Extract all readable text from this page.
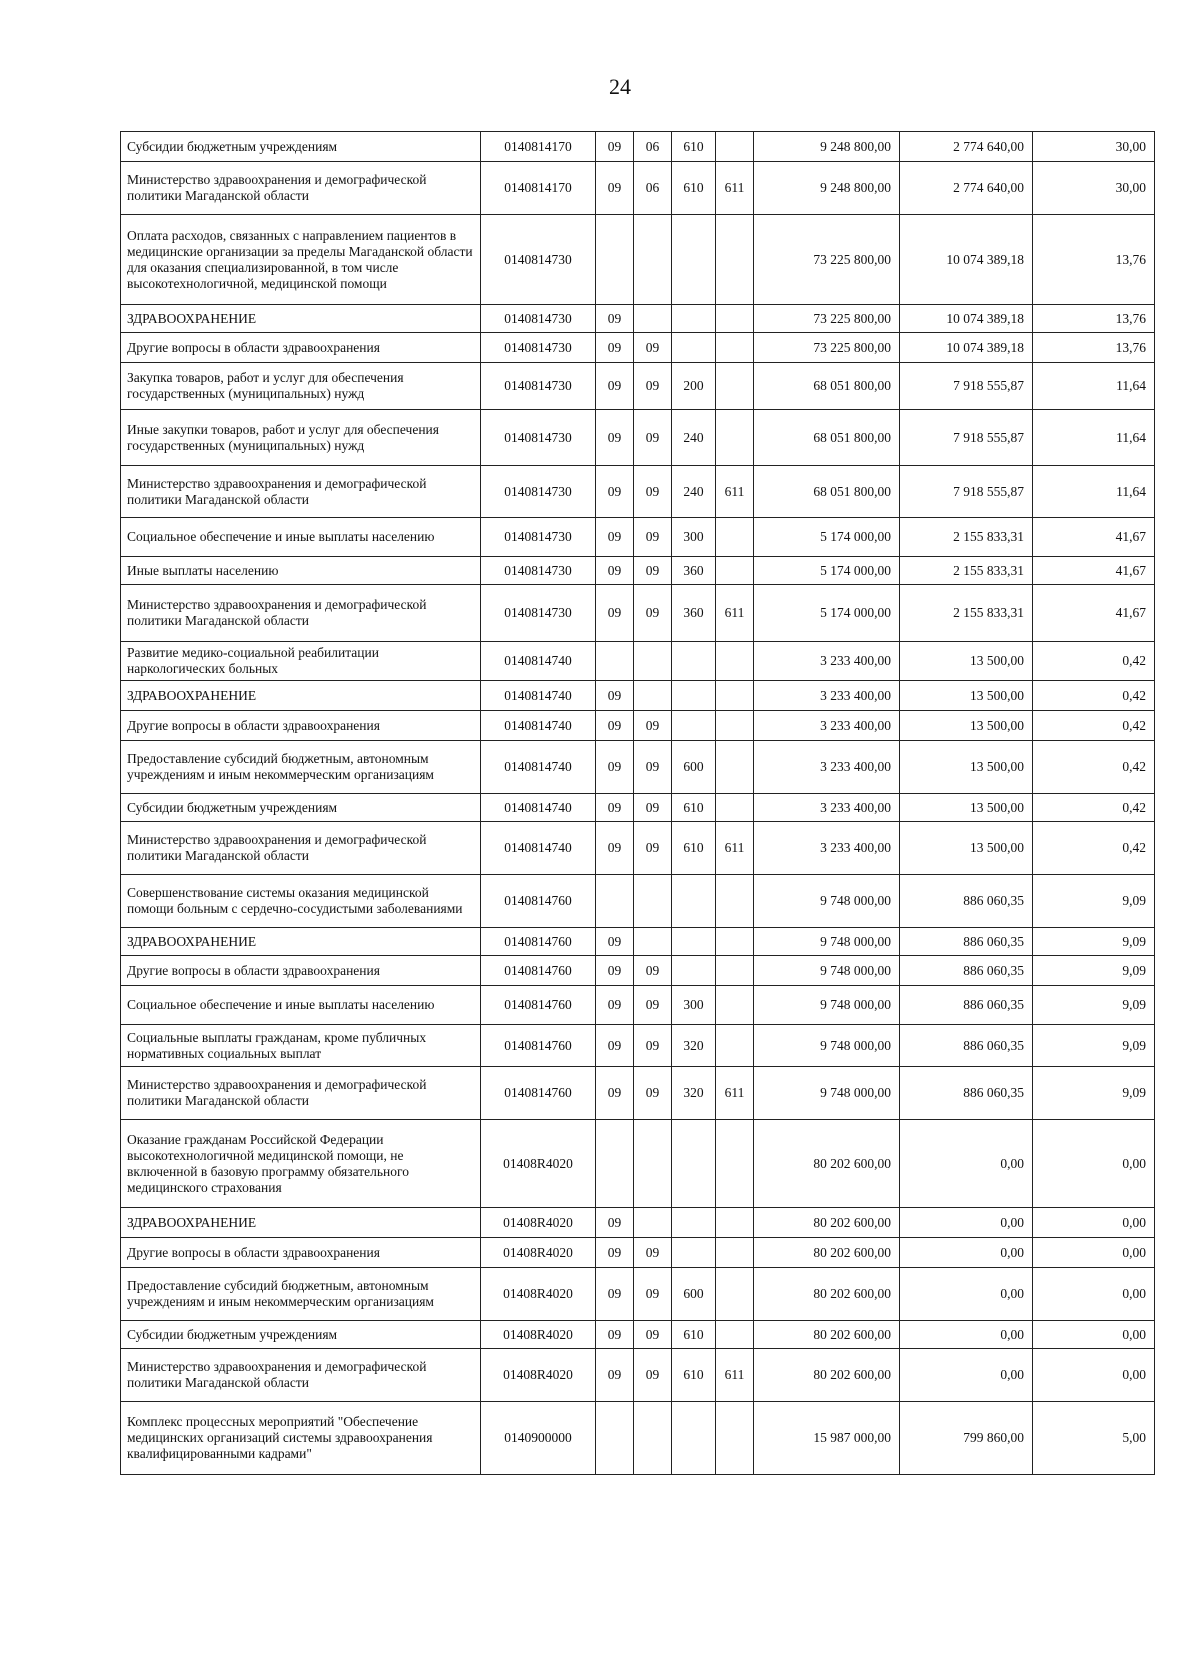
24
Субсидии бюджетным учреждениям	0140814170	09	06	610		9 248 800,00	2 774 640,00	30,00
Министерство здравоохранения и демографической политики Магаданской области	0140814170	09	06	610	611	9 248 800,00	2 774 640,00	30,00
Оплата расходов, связанных с направлением пациентов в медицинские организации за пределы Магаданской области для оказания специализированной, в том числе высокотехнологичной, медицинской помощи	0140814730					73 225 800,00	10 074 389,18	13,76
ЗДРАВООХРАНЕНИЕ	0140814730	09				73 225 800,00	10 074 389,18	13,76
Другие вопросы в области здравоохранения	0140814730	09	09			73 225 800,00	10 074 389,18	13,76
Закупка товаров, работ и услуг для обеспечения государственных (муниципальных) нужд	0140814730	09	09	200		68 051 800,00	7 918 555,87	11,64
Иные закупки товаров, работ и услуг для обеспечения государственных (муниципальных) нужд	0140814730	09	09	240		68 051 800,00	7 918 555,87	11,64
Министерство здравоохранения и демографической политики Магаданской области	0140814730	09	09	240	611	68 051 800,00	7 918 555,87	11,64
Социальное обеспечение и иные выплаты населению	0140814730	09	09	300		5 174 000,00	2 155 833,31	41,67
Иные выплаты населению	0140814730	09	09	360		5 174 000,00	2 155 833,31	41,67
Министерство здравоохранения и демографической политики Магаданской области	0140814730	09	09	360	611	5 174 000,00	2 155 833,31	41,67
Развитие медико-социальной реабилитации наркологических больных	0140814740					3 233 400,00	13 500,00	0,42
ЗДРАВООХРАНЕНИЕ	0140814740	09				3 233 400,00	13 500,00	0,42
Другие вопросы в области здравоохранения	0140814740	09	09			3 233 400,00	13 500,00	0,42
Предоставление субсидий бюджетным, автономным учреждениям и иным некоммерческим организациям	0140814740	09	09	600		3 233 400,00	13 500,00	0,42
Субсидии бюджетным учреждениям	0140814740	09	09	610		3 233 400,00	13 500,00	0,42
Министерство здравоохранения и демографической политики Магаданской области	0140814740	09	09	610	611	3 233 400,00	13 500,00	0,42
Совершенствование системы оказания медицинской помощи больным с сердечно-сосудистыми заболеваниями	0140814760					9 748 000,00	886 060,35	9,09
ЗДРАВООХРАНЕНИЕ	0140814760	09				9 748 000,00	886 060,35	9,09
Другие вопросы в области здравоохранения	0140814760	09	09			9 748 000,00	886 060,35	9,09
Социальное обеспечение и иные выплаты населению	0140814760	09	09	300		9 748 000,00	886 060,35	9,09
Социальные выплаты гражданам, кроме публичных нормативных социальных выплат	0140814760	09	09	320		9 748 000,00	886 060,35	9,09
Министерство здравоохранения и демографической политики Магаданской области	0140814760	09	09	320	611	9 748 000,00	886 060,35	9,09
Оказание гражданам Российской Федерации высокотехнологичной медицинской помощи, не включенной в базовую программу обязательного медицинского страхования	01408R4020					80 202 600,00	0,00	0,00
ЗДРАВООХРАНЕНИЕ	01408R4020	09				80 202 600,00	0,00	0,00
Другие вопросы в области здравоохранения	01408R4020	09	09			80 202 600,00	0,00	0,00
Предоставление субсидий бюджетным, автономным учреждениям и иным некоммерческим организациям	01408R4020	09	09	600		80 202 600,00	0,00	0,00
Субсидии бюджетным учреждениям	01408R4020	09	09	610		80 202 600,00	0,00	0,00
Министерство здравоохранения и демографической политики Магаданской области	01408R4020	09	09	610	611	80 202 600,00	0,00	0,00
Комплекс процессных мероприятий "Обеспечение медицинских организаций системы здравоохранения квалифицированными кадрами"	0140900000					15 987 000,00	799 860,00	5,00
